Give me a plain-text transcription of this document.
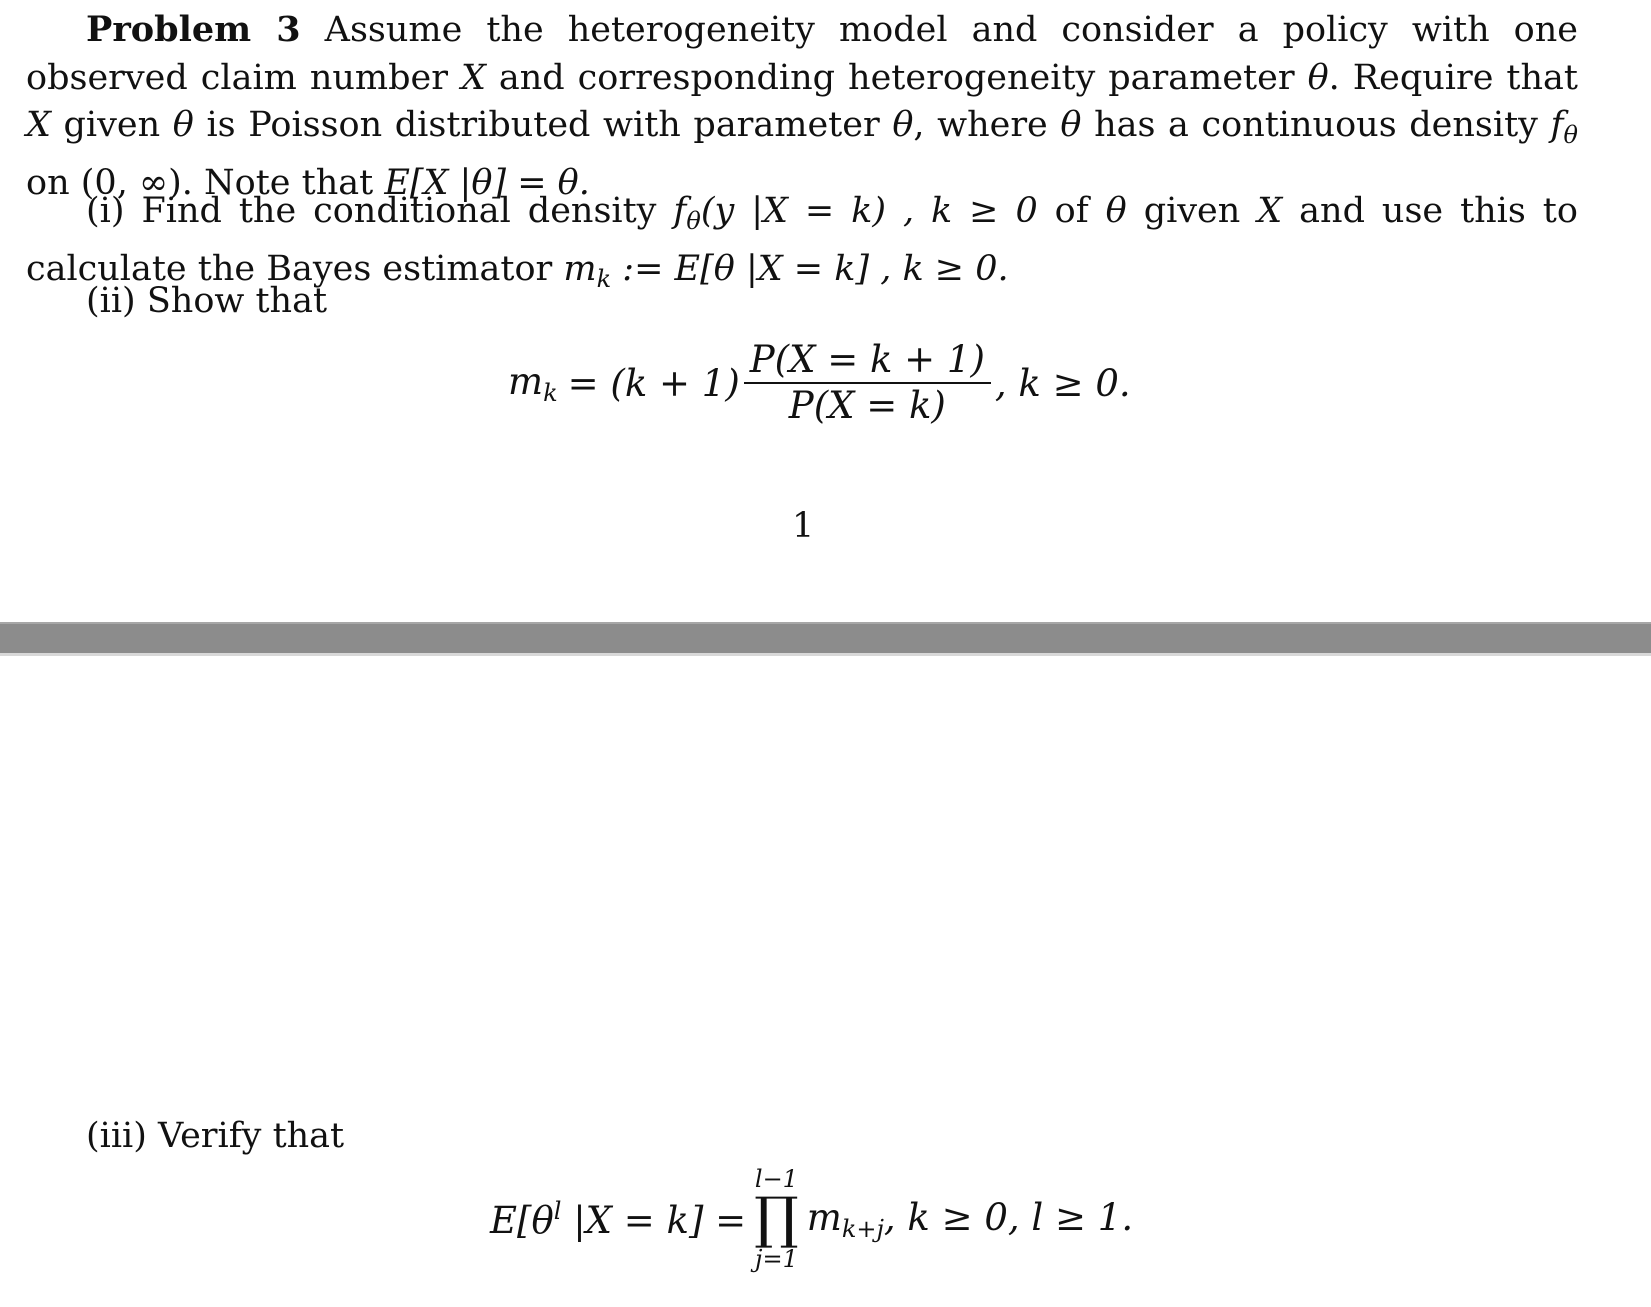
Problem 3 Assume the heterogeneity model and consider a policy with one observed claim number X and corresponding heterogeneity parameter θ. Require that X given θ is Poisson distributed with parameter θ, where θ has a continuous density $f_\theta$ on (0, ∞). Note that E[X |θ] = θ.
(i) Find the conditional density $f_\theta(y$ |X = k) , k ≥ 0 of θ given X and use this to calculate the Bayes estimator $m_k$ := E[θ |X = k] , k ≥ 0.
(ii) Show that
$m_k = (k + 1) \frac{P(X = k + 1)}{P(X = k)}$ , k ≥ 0.
1
(iii) Verify that
$E[\theta^l$ |X = k] =
l−1
∏
j=1
$m_{k+j}$, k ≥ 0, l ≥ 1.
